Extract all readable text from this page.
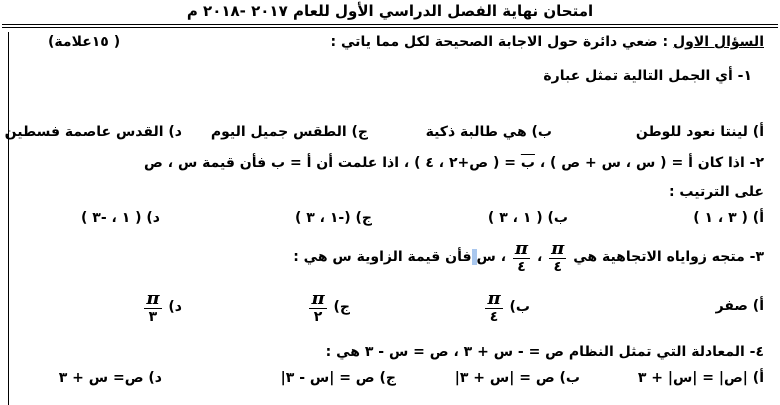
امتحان نهاية الفصل الدراسي الأول للعام ٢٠١٧ -٢٠١٨ م
السؤال الاول : ضعي دائرة حول الاجابة الصحيحة لكل مما ياتي :
(١٥علامة )
١- أي الجمل التالية تمثل عبارة
أ) لينتا نعود للوطن
ب) هي طالبة ذكية
ج) الطقس جميل اليوم
د) القدس عاصمة فسطين
٢- اذا كان أ = ( س ، س + ص ) ، ب = ( ص+٢ ، ٤ ) ، اذا علمت أن أ = ب فأن قيمة س ، ص
على الترتيب :
أ) ( ٣ ، ١ )
ب) ( ١ ، ٣ )
ج) (-١ ، ٣ )
د) ( ١ ، -٣ )
٣- متجه زواياه الاتجاهية هي
$\frac{\pi}{٤}$
،
$\frac{\pi}{٤}$
، سفأن قيمة الزاوية س هي :
أ) صفر
ب)
$\frac{\pi}{٤}$
ج)
$\frac{\pi}{٢}$
د)
$\frac{\pi}{٣}$
٤- المعادلة التي تمثل النظام ص = - س + ٣ ، ص = س - ٣ هي :
أ) |ص| = |س| + ٣
ب) ص = |س + ٣|
ج) ص = |س - ٣|
د) ص= س + ٣
